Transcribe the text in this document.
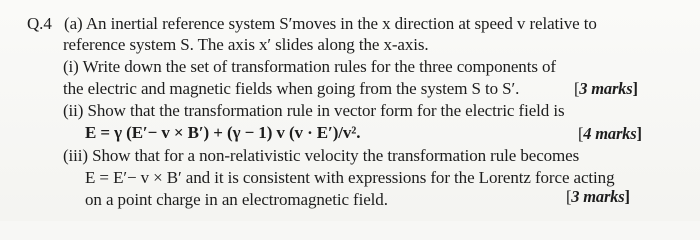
Q.4 (a) An inertial reference system S′moves in the x direction at speed v relative to
reference system S. The axis x′ slides along the x-axis.
(i) Write down the set of transformation rules for the three components of
the electric and magnetic fields when going from the system S to S′.	[3 marks]
(ii) Show that the transformation rule in vector form for the electric field is
E = γ (E′− v × B′) + (γ − 1) v (v · E′)/v².	[4 marks]
(iii) Show that for a non-relativistic velocity the transformation rule becomes
E = E′− v × B′ and it is consistent with expressions for the Lorentz force acting
on a point charge in an electromagnetic field.	[3 marks]
